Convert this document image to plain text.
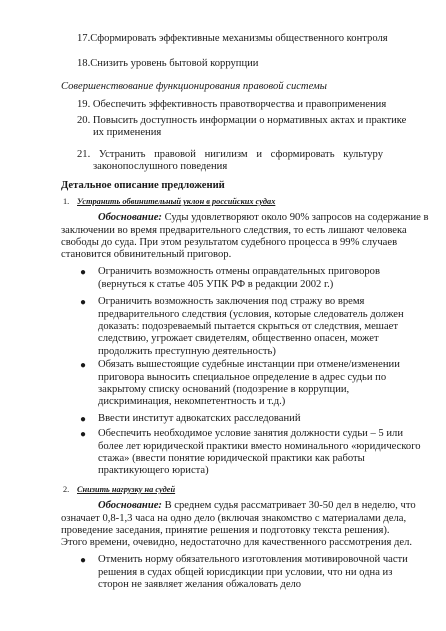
17.Сформировать эффективные механизмы общественного контроля
18.Снизить уровень бытовой коррупции
Совершенствование функционирования правовой системы
19. Обеспечить эффективность правотворчества и правоприменения
20. Повысить доступность информации о нормативных актах и практике
их применения
21. Устранить правовой нигилизм и сформировать культуру
законопослушного поведения
Детальное описание предложений
1. Устранить обвинительный уклон в российских судах
Обоснование: Суды удовлетворяют около 90% запросов на содержание в
заключении во время предварительного следствия, то есть лишают человека
свободы до суда. При этом результатом судебного процесса в 99% случаев
становится обвинительный приговор.
● Ограничить возможность отмены оправдательных приговоров
(вернуться к статье 405 УПК РФ в редакции 2002 г.)
● Ограничить возможность заключения под стражу во время
предварительного следствия (условия, которые следователь должен
доказать: подозреваемый пытается скрыться от следствия, мешает
следствию, угрожает свидетелям, общественно опасен, может
продолжить преступную деятельность)
● Обязать вышестоящие судебные инстанции при отмене/изменении
приговора выносить специальное определение в адрес судьи по
закрытому списку оснований (подозрение в коррупции,
дискриминация, некомпетентность и т.д.)
● Ввести институт адвокатских расследований
● Обеспечить необходимое условие занятия должности судьи – 5 или
более лет юридической практики вместо номинального «юридического
стажа» (ввести понятие юридической практики как работы
практикующего юриста)
2. Снизить нагрузку на судей
Обоснование: В среднем судья рассматривает 30-50 дел в неделю, что
означает 0,8-1,3 часа на одно дело (включая знакомство с материалами дела,
проведение заседания, принятие решения и подготовку текста решения).
Этого времени, очевидно, недостаточно для качественного рассмотрения дел.
● Отменить норму обязательного изготовления мотивировочной части
решения в судах общей юрисдикции при условии, что ни одна из
сторон не заявляет желания обжаловать дело
